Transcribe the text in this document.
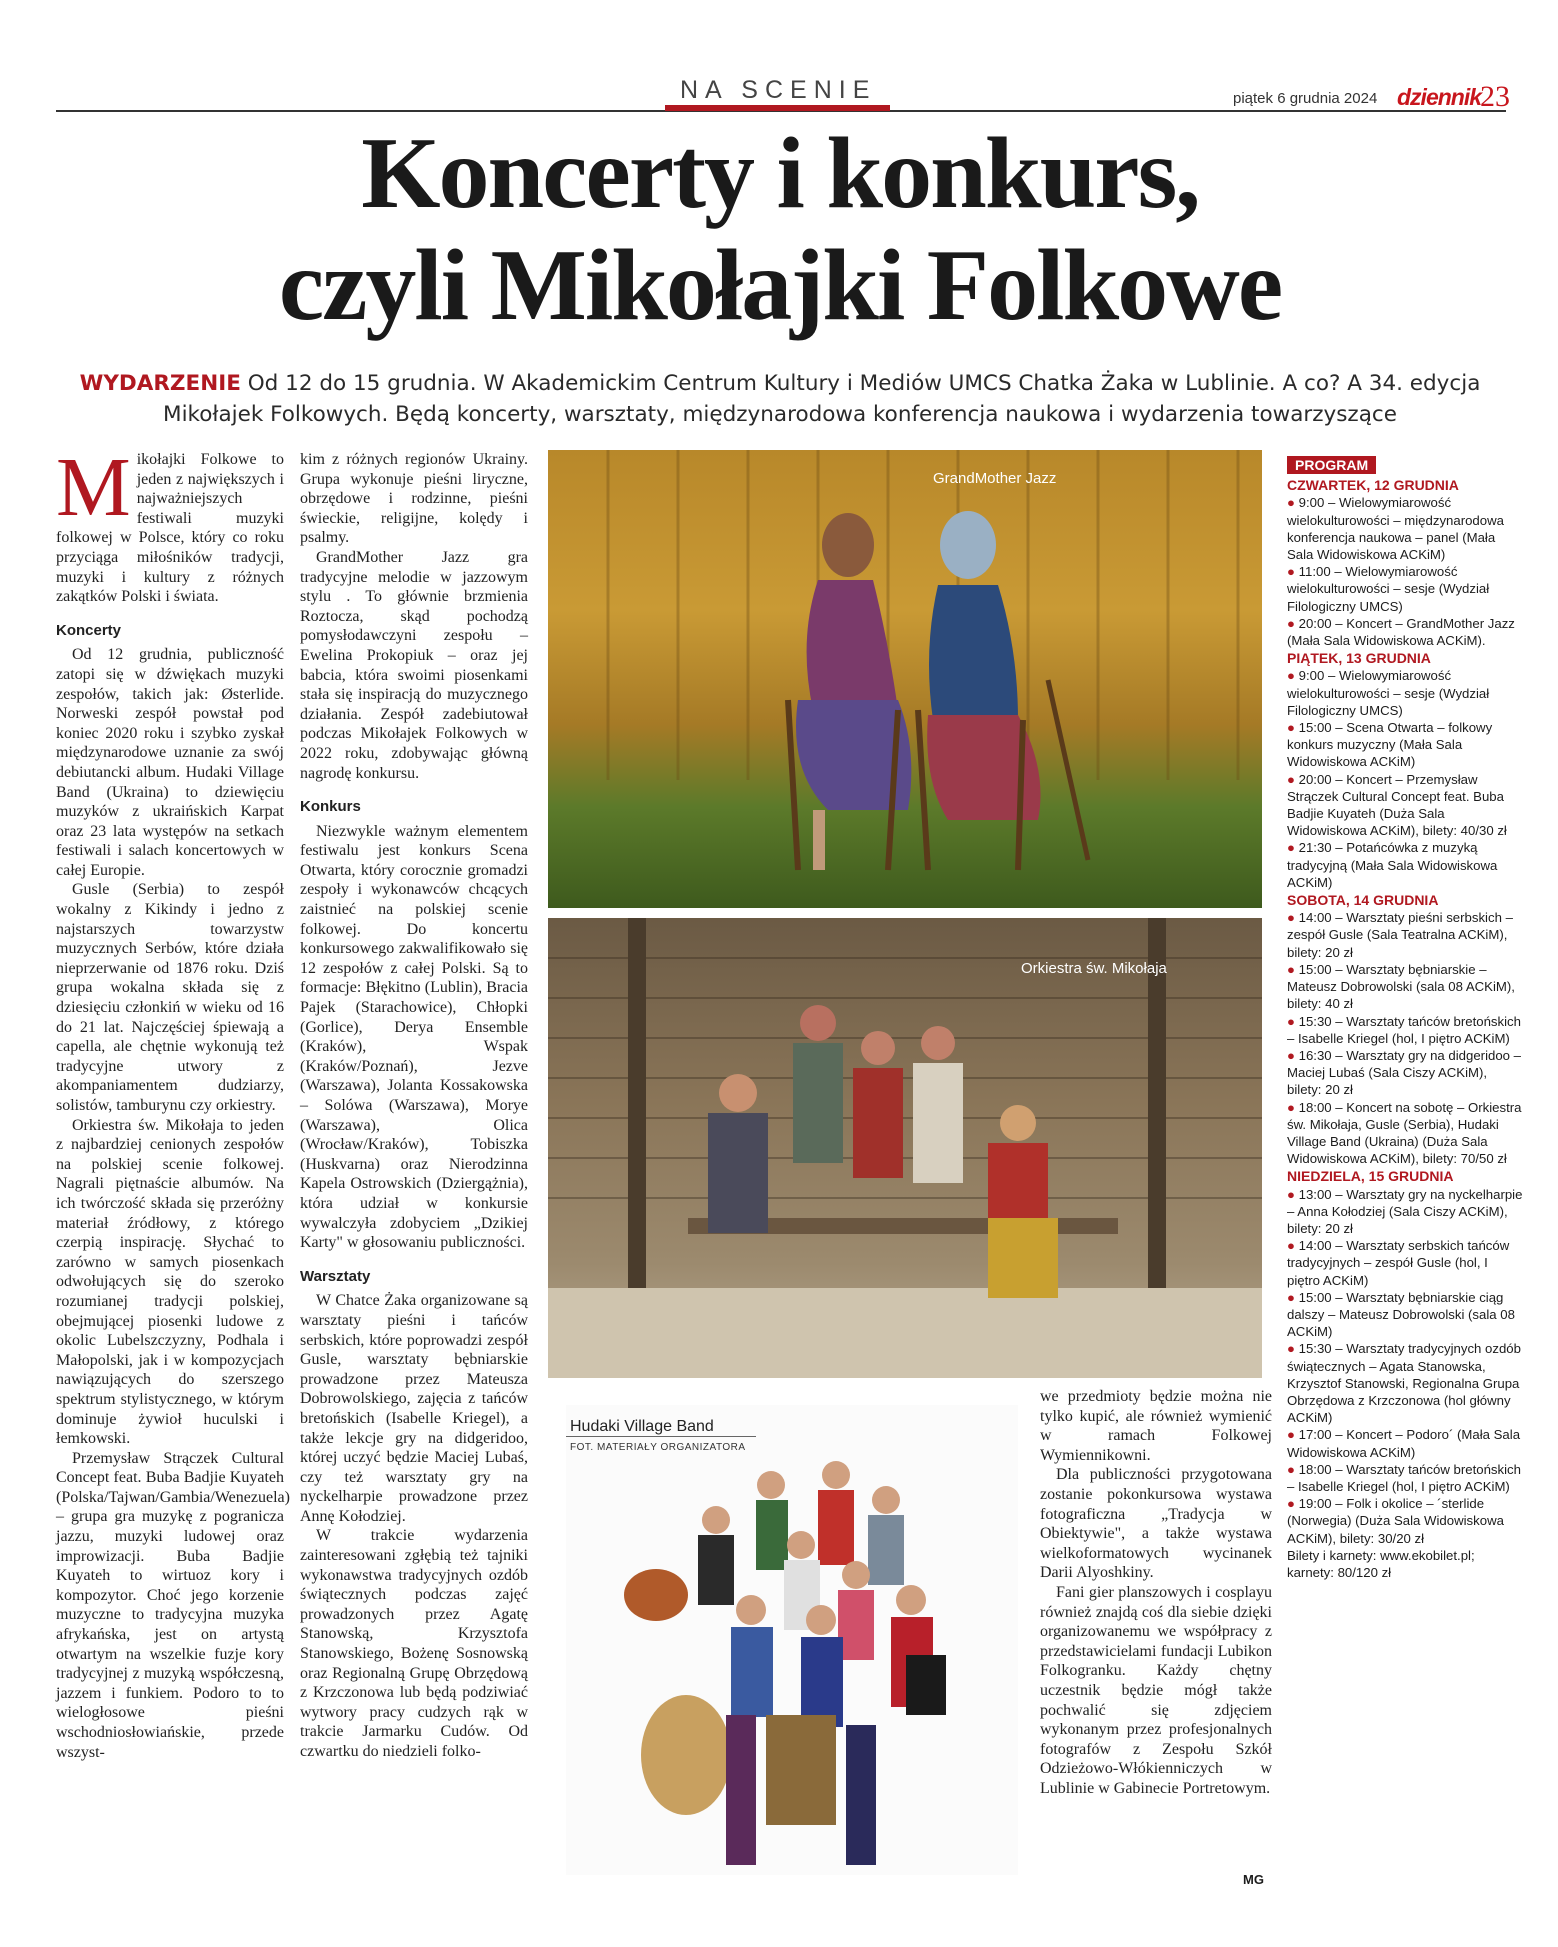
NA SCENIE	piątek 6 grudnia 2024 dziennik
23
Koncerty i konkurs,
czyli Mikołajki Folkowe
WYDARZENIE Od 12 do 15 grudnia. W Akademickim Centrum Kultury i Mediów UMCS Chatka Żaka w Lublinie. A co? A 34. edycja Mikołajek Folkowych. Będą koncerty, warsztaty, międzynarodowa konferencja naukowa i wydarzenia towarzyszące

Mikołajki Folkowe to jeden z największych i najważniejszych festiwali muzyki folkowej w Polsce, który co roku przyciąga miłośników tradycji, muzyki i kultury z różnych zakątków Polski i świata.

Koncerty

Od 12 grudnia, publiczność zatopi się w dźwiękach muzyki zespołów, takich jak: Østerlide. Norweski zespół powstał pod koniec 2020 roku i szybko zyskał międzynarodowe uznanie za swój debiutancki album. Hudaki Village Band (Ukraina) to dziewięciu muzyków z ukraińskich Karpat oraz 23 lata występów na setkach festiwali i salach koncertowych w całej Europie.

Gusle (Serbia) to zespół wokalny z Kikindy i jedno z najstarszych towarzystw muzycznych Serbów, które działa nieprzerwanie od 1876 roku. Dziś grupa wokalna składa się z dziesięciu członkiń w wieku od 16 do 21 lat. Najczęściej śpiewają a capella, ale chętnie wykonują też tradycyjne utwory z akompaniamentem dudziarzy, solistów, tamburynu czy orkiestry.

Orkiestra św. Mikołaja to jeden z najbardziej cenionych zespołów na polskiej scenie folkowej. Nagrali piętnaście albumów. Na ich twórczość składa się przeróżny materiał źródłowy, z którego czerpią inspirację. Słychać to zarówno w samych piosenkach odwołujących się do szeroko rozumianej tradycji polskiej, obejmującej piosenki ludowe z okolic Lubelszczyzny, Podhala i Małopolski, jak i w kompozycjach nawiązujących do szerszego spektrum stylistycznego, w którym dominuje żywioł huculski i łemkowski.

Przemysław Strączek Cultural Concept feat. Buba Badjie Kuyateh (Polska/Tajwan/Gambia/Wenezuela) – grupa gra muzykę z pogranicza jazzu, muzyki ludowej oraz improwizacji. Buba Badjie Kuyateh to wirtuoz kory i kompozytor. Choć jego korzenie muzyczne to tradycyjna muzyka afrykańska, jest on artystą otwartym na wszelkie fuzje kory tradycyjnej z muzyką współczesną, jazzem i funkiem. Podoro to to wielogłosowe pieśni wschodniosłowiańskie, przede wszyst-

kim z różnych regionów Ukrainy. Grupa wykonuje pieśni liryczne, obrzędowe i rodzinne, pieśni świeckie, religijne, kolędy i psalmy.

GrandMother Jazz gra tradycyjne melodie w jazzowym stylu . To głównie brzmienia Roztocza, skąd pochodzą pomysłodawczyni zespołu – Ewelina Prokopiuk – oraz jej babcia, która swoimi piosenkami stała się inspiracją do muzycznego działania. Zespół zadebiutował podczas Mikołajek Folkowych w 2022 roku, zdobywając główną nagrodę konkursu.

Konkurs

Niezwykle ważnym elementem festiwalu jest konkurs Scena Otwarta, który corocznie gromadzi zespoły i wykonawców chcących zaistnieć na polskiej scenie folkowej. Do koncertu konkursowego zakwalifikowało się 12 zespołów z całej Polski. Są to formacje: Błękitno (Lublin), Bracia Pajek (Starachowice), Chłopki (Gorlice), Derya Ensemble (Kraków), Wspak (Kraków/Poznań), Jezve (Warszawa), Jolanta Kossakowska – Solówa (Warszawa), Morye (Warszawa), Olica (Wrocław/Kraków), Tobiszka (Huskvarna) oraz Nierodzinna Kapela Ostrowskich (Dziergążnia), która udział w konkursie wywalczyła zdobyciem „Dzikiej Karty" w głosowaniu publiczności.

Warsztaty

W Chatce Żaka organizowane są warsztaty pieśni i tańców serbskich, które poprowadzi zespół Gusle, warsztaty bębniarskie prowadzone przez Mateusza Dobrowolskiego, zajęcia z tańców bretońskich (Isabelle Kriegel), a także lekcje gry na didgeridoo, której uczyć będzie Maciej Lubaś, czy też warsztaty gry na nyckelharpie prowadzone przez Annę Kołodziej.

W trakcie wydarzenia zainteresowani zgłębią też tajniki wykonawstwa tradycyjnych ozdób świątecznych podczas zajęć prowadzonych przez Agatę Stanowską, Krzysztofa Stanowskiego, Bożenę Sosnowską oraz Regionalną Grupę Obrzędową z Krzczonowa lub będą podziwiać wytwory pracy cudzych rąk w trakcie Jarmarku Cudów. Od czwartku do niedzieli folko-

GrandMother Jazz
Orkiestra św. Mikołaja
Hudaki Village Band
FOT. MATERIAŁY ORGANIZATORA

we przedmioty będzie można nie tylko kupić, ale również wymienić w ramach Folkowej Wymiennikowni.

Dla publiczności przygotowana zostanie pokonkursowa wystawa fotograficzna „Tradycja w Obiektywie", a także wystawa wielkoformatowych wycinanek Darii Alyoshkiny.

Fani gier planszowych i cosplayu również znajdą coś dla siebie dzięki organizowanemu we współpracy z przedstawicielami fundacji Lubikon Folkogranku. Każdy chętny uczestnik będzie mógł także pochwalić się zdjęciem wykonanym przez profesjonalnych fotografów z Zespołu Szkół Odzieżowo-Włókienniczych w Lublinie w Gabinecie Portretowym.

PROGRAM
CZWARTEK, 12 GRUDNIA
● 9:00 – Wielowymiarowość wielokulturowości – międzynarodowa konferencja naukowa – panel (Mała Sala Widowiskowa ACKiM)
● 11:00 – Wielowymiarowość wielokulturowości – sesje (Wydział Filologiczny UMCS)
● 20:00 – Koncert – GrandMother Jazz (Mała Sala Widowiskowa ACKiM).
PIĄTEK, 13 GRUDNIA
● 9:00 – Wielowymiarowość wielokulturowości – sesje (Wydział Filologiczny UMCS)
● 15:00 – Scena Otwarta – folkowy konkurs muzyczny (Mała Sala Widowiskowa ACKiM)
● 20:00 – Koncert – Przemysław Strączek Cultural Concept feat. Buba Badjie Kuyateh (Duża Sala Widowiskowa ACKiM), bilety: 40/30 zł
● 21:30 – Potańcówka z muzyką tradycyjną (Mała Sala Widowiskowa ACKiM)
SOBOTA, 14 GRUDNIA
● 14:00 – Warsztaty pieśni serbskich – zespół Gusle (Sala Teatralna ACKiM), bilety: 20 zł
● 15:00 – Warsztaty bębniarskie – Mateusz Dobrowolski (sala 08 ACKiM), bilety: 40 zł
● 15:30 – Warsztaty tańców bretońskich – Isabelle Kriegel (hol, I piętro ACKiM)
● 16:30 – Warsztaty gry na didgeridoo – Maciej Lubaś (Sala Ciszy ACKiM), bilety: 20 zł
● 18:00 – Koncert na sobotę – Orkiestra św. Mikołaja, Gusle (Serbia), Hudaki Village Band (Ukraina) (Duża Sala Widowiskowa ACKiM), bilety: 70/50 zł
NIEDZIELA, 15 GRUDNIA
● 13:00 – Warsztaty gry na nyckelharpie – Anna Kołodziej (Sala Ciszy ACKiM), bilety: 20 zł
● 14:00 – Warsztaty serbskich tańców tradycyjnych – zespół Gusle (hol, I piętro ACKiM)
● 15:00 – Warsztaty bębniarskie ciąg dalszy – Mateusz Dobrowolski (sala 08 ACKiM)
● 15:30 – Warsztaty tradycyjnych ozdób świątecznych – Agata Stanowska, Krzysztof Stanowski, Regionalna Grupa Obrzędowa z Krzczonowa (hol główny ACKiM)
● 17:00 – Koncert – Podoro´ (Mała Sala Widowiskowa ACKiM)
● 18:00 – Warsztaty tańców bretońskich – Isabelle Kriegel (hol, I piętro ACKiM)
● 19:00 – Folk i okolice – ´sterlide (Norwegia) (Duża Sala Widowiskowa ACKiM), bilety: 30/20 zł
Bilety i karnety: www.ekobilet.pl; karnety: 80/120 zł
MG
